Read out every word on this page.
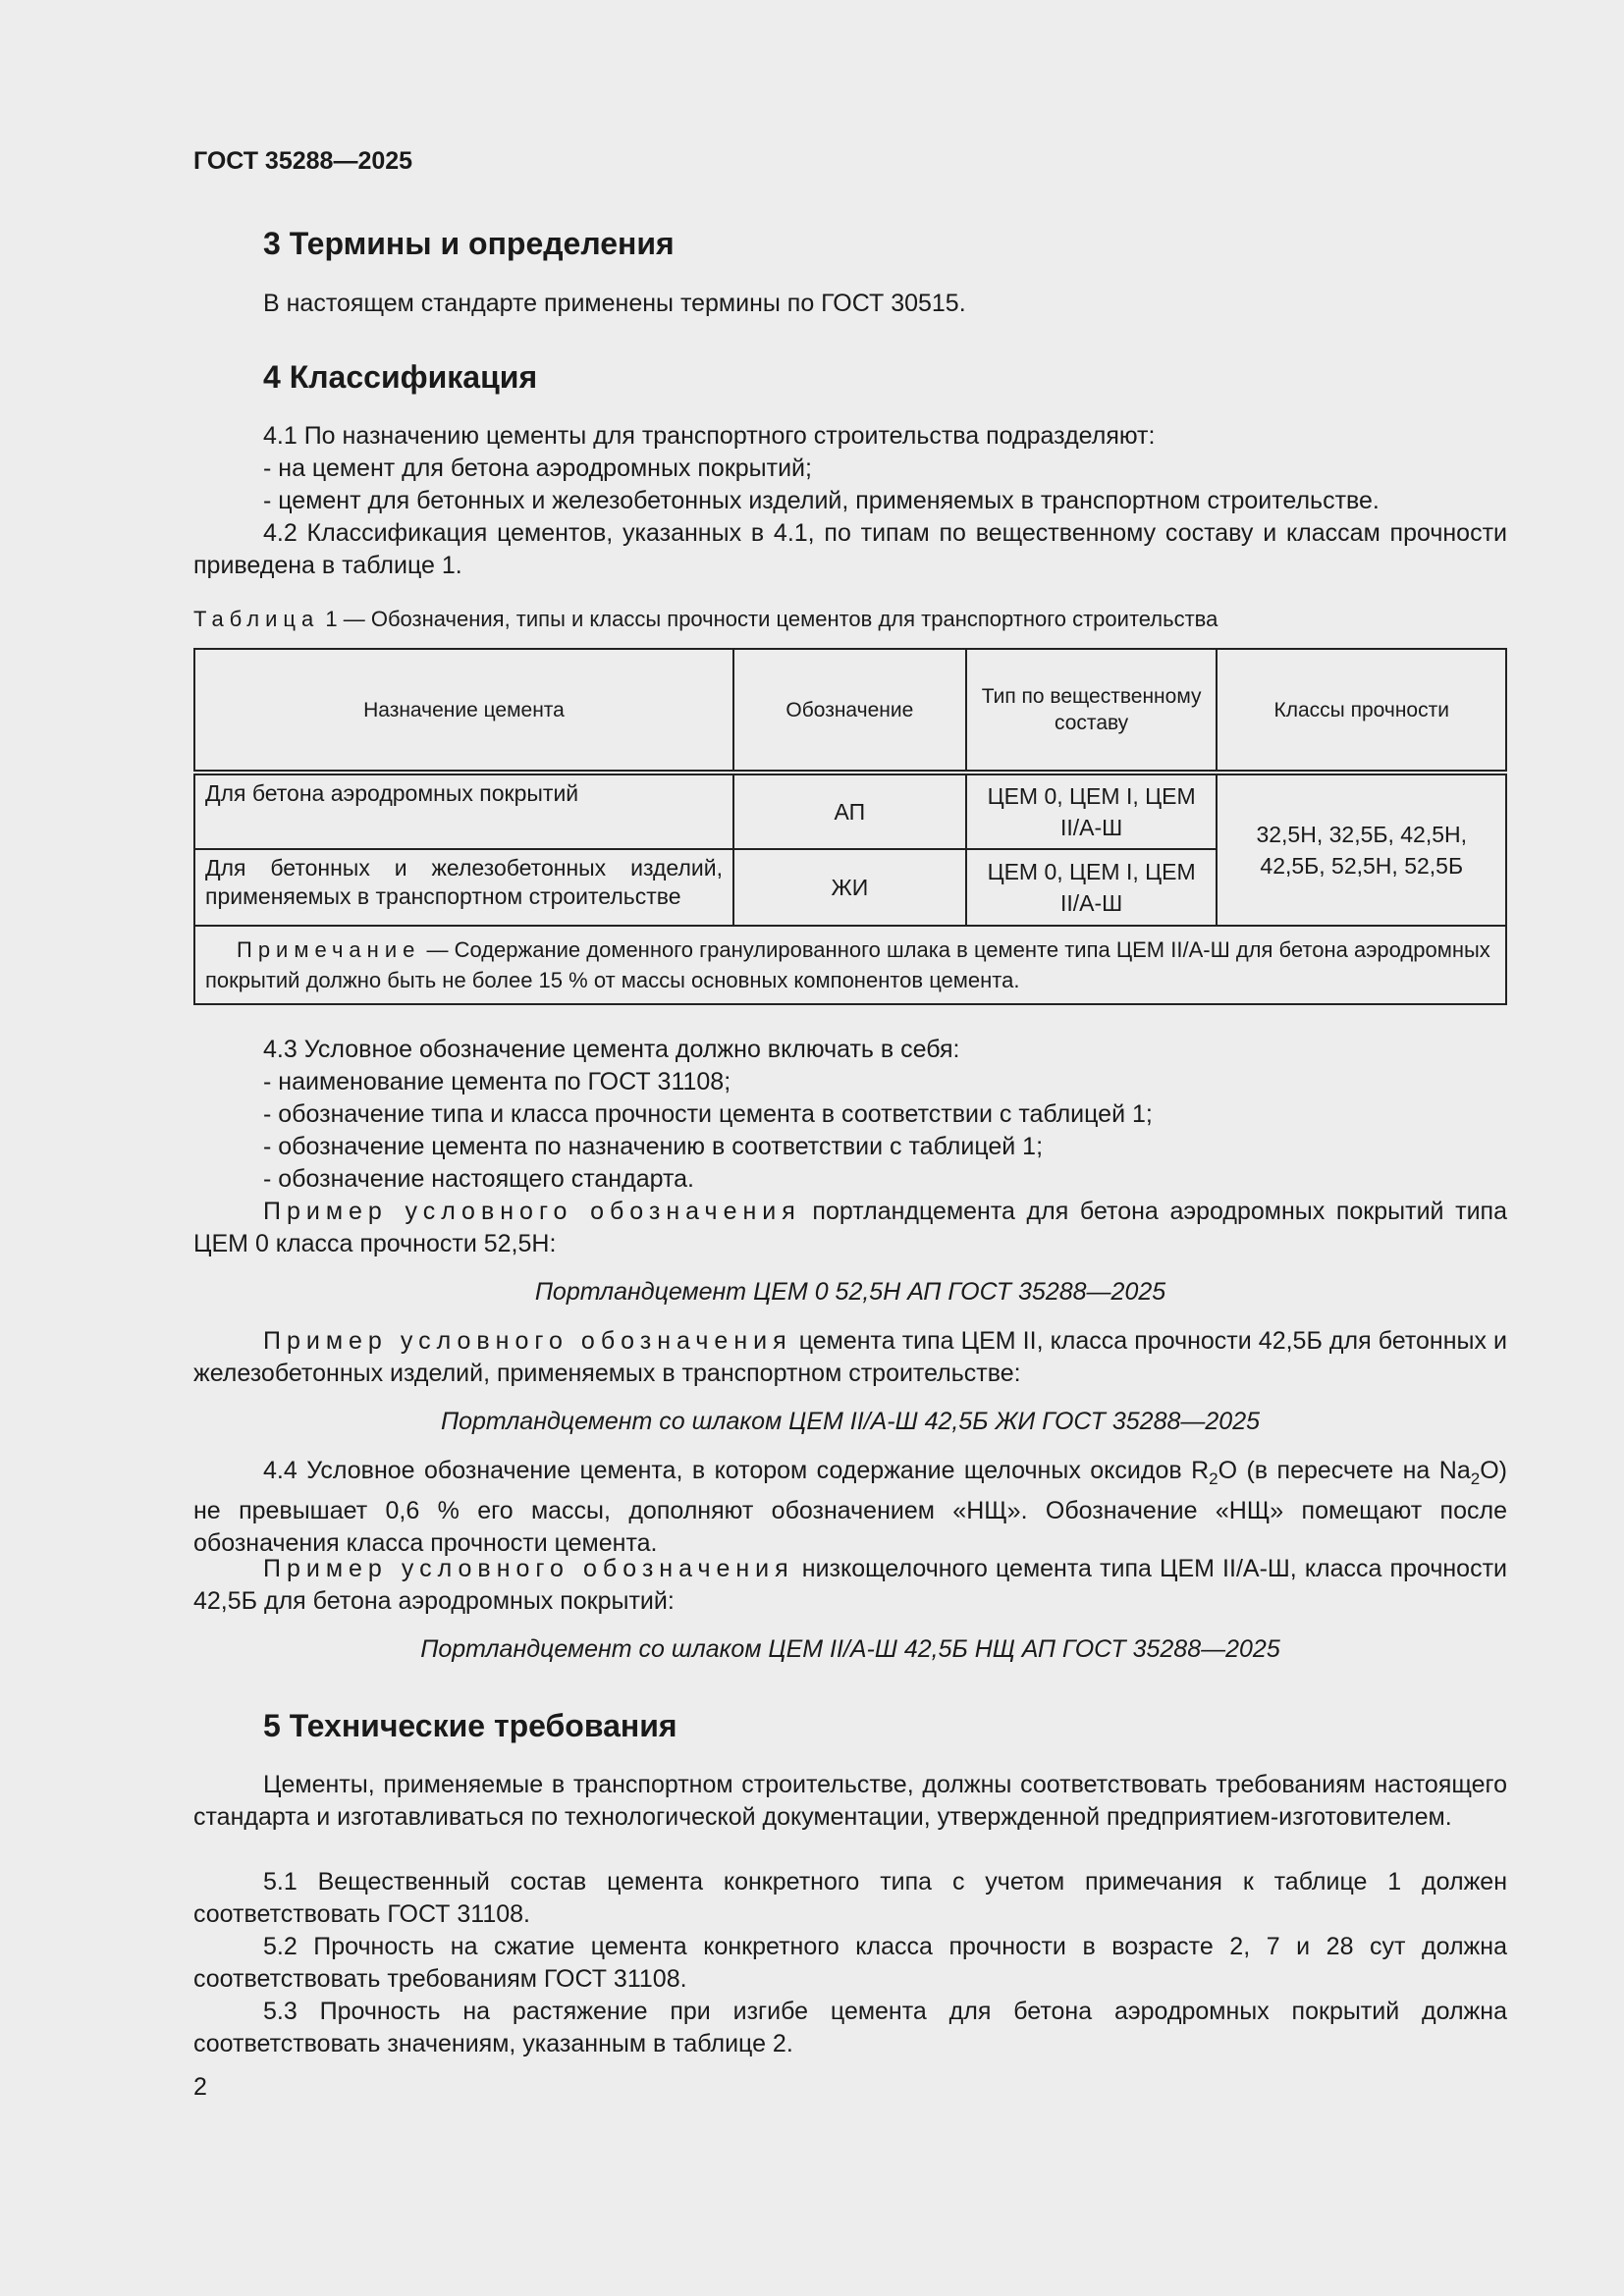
ГОСТ 35288—2025
3 Термины и определения
В настоящем стандарте применены термины по ГОСТ 30515.
4 Классификация
4.1 По назначению цементы для транспортного строительства подразделяют:
- на цемент для бетона аэродромных покрытий;
- цемент для бетонных и железобетонных изделий, применяемых в транспортном строительстве.
4.2 Классификация цементов, указанных в 4.1, по типам по вещественному составу и классам прочности приведена в таблице 1.
Таблица 1 — Обозначения, типы и классы прочности цементов для транспортного строительства
Назначение цемента	Обозначение	Тип по вещественному составу	Классы прочности
Для бетона аэродромных покрытий	АП	ЦЕМ 0, ЦЕМ I, ЦЕМ II/А-Ш	32,5Н, 32,5Б, 42,5Н, 42,5Б, 52,5Н, 52,5Б
Для бетонных и железобетонных изделий, применяемых в транспортном строительстве	ЖИ	ЦЕМ 0, ЦЕМ I, ЦЕМ II/А-Ш	
Примечание — Содержание доменного гранулированного шлака в цементе типа ЦЕМ II/А-Ш для бетона аэродромных покрытий должно быть не более 15 % от массы основных компонентов цемента.			
4.3 Условное обозначение цемента должно включать в себя:
- наименование цемента по ГОСТ 31108;
- обозначение типа и класса прочности цемента в соответствии с таблицей 1;
- обозначение цемента по назначению в соответствии с таблицей 1;
- обозначение настоящего стандарта.
Пример условного обозначения портландцемента для бетона аэродромных покрытий типа ЦЕМ 0 класса прочности 52,5Н:
Портландцемент ЦЕМ 0 52,5Н АП ГОСТ 35288—2025
Пример условного обозначения цемента типа ЦЕМ II, класса прочности 42,5Б для бетонных и железобетонных изделий, применяемых в транспортном строительстве:
Портландцемент со шлаком ЦЕМ II/А-Ш 42,5Б ЖИ ГОСТ 35288—2025
4.4 Условное обозначение цемента, в котором содержание щелочных оксидов $R_2O$ (в пересчете на $Na_2O$) не превышает 0,6 % его массы, дополняют обозначением «НЩ». Обозначение «НЩ» помещают после обозначения класса прочности цемента.
Пример условного обозначения низкощелочного цемента типа ЦЕМ II/А-Ш, класса прочности 42,5Б для бетона аэродромных покрытий:
Портландцемент со шлаком ЦЕМ II/А-Ш 42,5Б НЩ АП ГОСТ 35288—2025
5 Технические требования
Цементы, применяемые в транспортном строительстве, должны соответствовать требованиям настоящего стандарта и изготавливаться по технологической документации, утвержденной предприятием-изготовителем.
5.1 Вещественный состав цемента конкретного типа с учетом примечания к таблице 1 должен соответствовать ГОСТ 31108.
5.2 Прочность на сжатие цемента конкретного класса прочности в возрасте 2, 7 и 28 сут должна соответствовать требованиям ГОСТ 31108.
5.3 Прочность на растяжение при изгибе цемента для бетона аэродромных покрытий должна соответствовать значениям, указанным в таблице 2.
2
